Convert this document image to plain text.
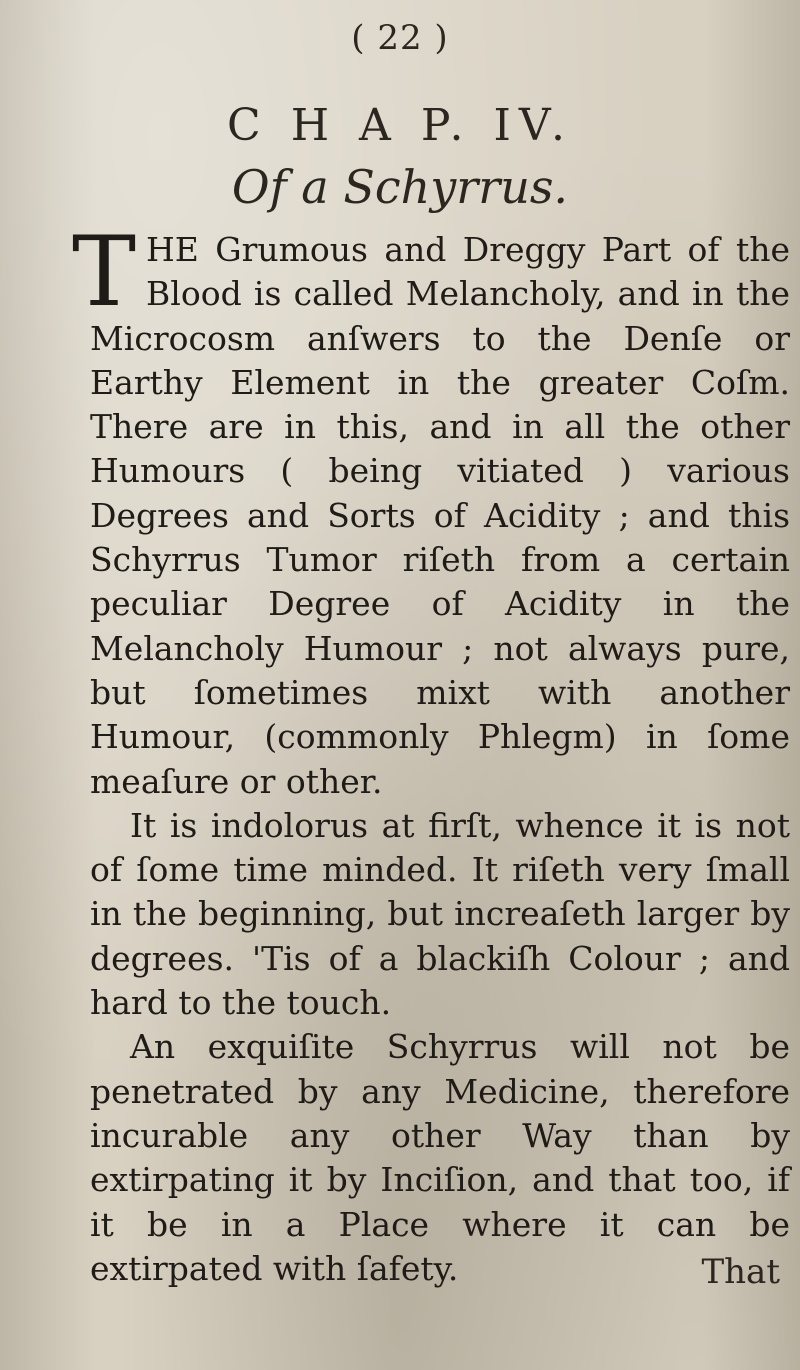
( 22 )
C H A P. IV.
Of a Schyrrus.

T HE Grumous and Dreggy Part of the Blood is called Melancholy, and in the Microcosm anſwers to the Denſe or Earthy Element in the greater Coſm. There are in this, and in all the other Humours ( being vitiated ) various Degrees and Sorts of Acidity ; and this Schyrrus Tumor riſeth from a certain peculiar Degree of Acidity in the Melancholy Humour ; not always pure, but ſometimes mixt with another Humour, (commonly Phlegm) in ſome meaſure or other.

It is indolorus at firſt, whence it is not of ſome time minded. It riſeth very ſmall in the beginning, but increaſeth larger by degrees. 'Tis of a blackiſh Colour ; and hard to the touch.

An exquiſite Schyrrus will not be penetrated by any Medicine, therefore incurable any other Way than by extirpating it by Inciſion, and that too, if it be in a Place where it can be extirpated with ſafety.	That
